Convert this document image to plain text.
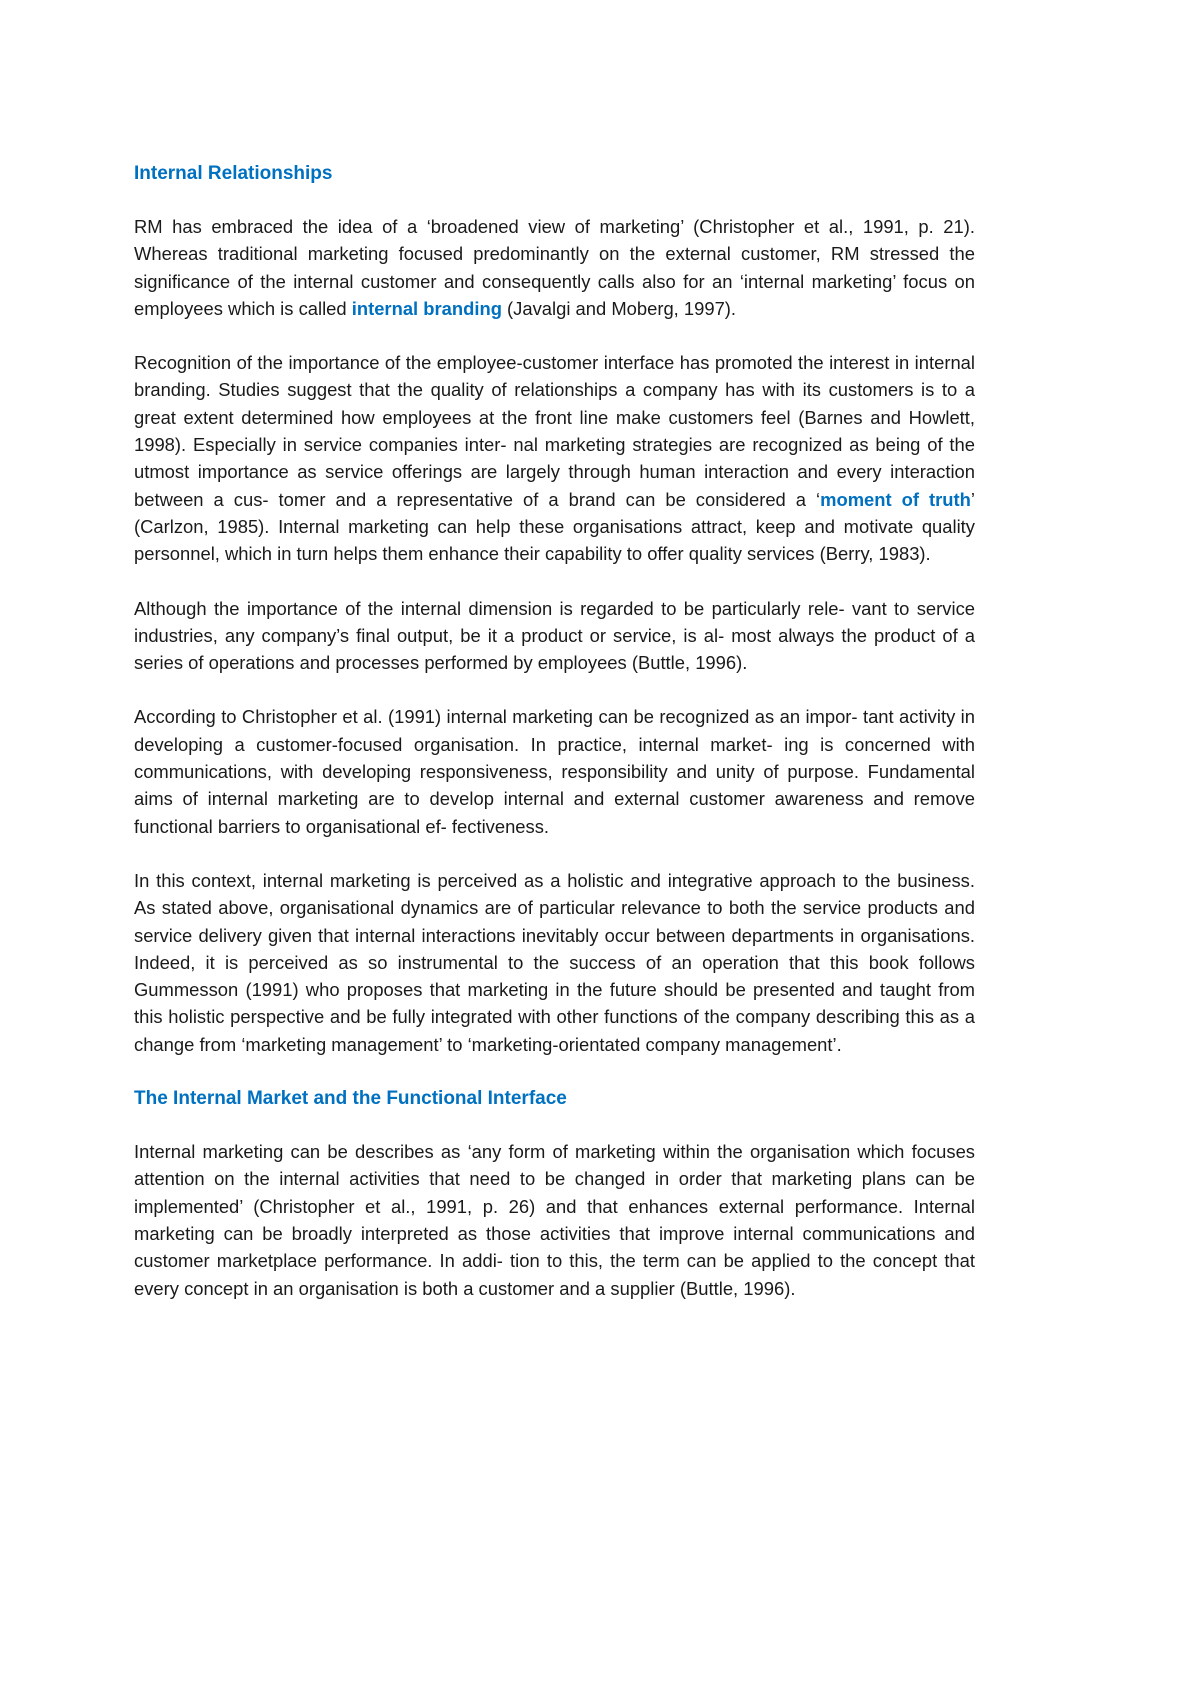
Internal Relationships

RM has embraced the idea of a ‘broadened view of marketing’ (Christopher et al., 1991, p. 21). Whereas traditional marketing focused predominantly on the external customer, RM stressed the significance of the internal customer and consequently calls also for an ‘internal marketing’ focus on employees which is called internal branding (Javalgi and Moberg, 1997).

Recognition of the importance of the employee-customer interface has promoted the interest in internal branding. Studies suggest that the quality of relationships a company has with its customers is to a great extent determined how employees at the front line make customers feel (Barnes and Howlett, 1998). Especially in service companies inter- nal marketing strategies are recognized as being of the utmost importance as service offerings are largely through human interaction and every interaction between a cus- tomer and a representative of a brand can be considered a ‘moment of truth’ (Carlzon, 1985). Internal marketing can help these organisations attract, keep and motivate quality personnel, which in turn helps them enhance their capability to offer quality services (Berry, 1983).

Although the importance of the internal dimension is regarded to be particularly rele- vant to service industries, any company’s final output, be it a product or service, is al- most always the product of a series of operations and processes performed by employees (Buttle, 1996).

According to Christopher et al. (1991) internal marketing can be recognized as an impor- tant activity in developing a customer-focused organisation. In practice, internal market- ing is concerned with communications, with developing responsiveness, responsibility and unity of purpose. Fundamental aims of internal marketing are to develop internal and external customer awareness and remove functional barriers to organisational ef- fectiveness.

In this context, internal marketing is perceived as a holistic and integrative approach to the business. As stated above, organisational dynamics are of particular relevance to both the service products and service delivery given that internal interactions inevitably occur between departments in organisations. Indeed, it is perceived as so instrumental to the success of an operation that this book follows Gummesson (1991) who proposes that marketing in the future should be presented and taught from this holistic perspective and be fully integrated with other functions of the company describing this as a change from ‘marketing management’ to ‘marketing-orientated company management’.

The Internal Market and the Functional Interface

Internal marketing can be describes as ‘any form of marketing within the organisation which focuses attention on the internal activities that need to be changed in order that marketing plans can be implemented’ (Christopher et al., 1991, p. 26) and that enhances external performance. Internal marketing can be broadly interpreted as those activities that improve internal communications and customer marketplace performance. In addi- tion to this, the term can be applied to the concept that every concept in an organisation is both a customer and a supplier (Buttle, 1996).
